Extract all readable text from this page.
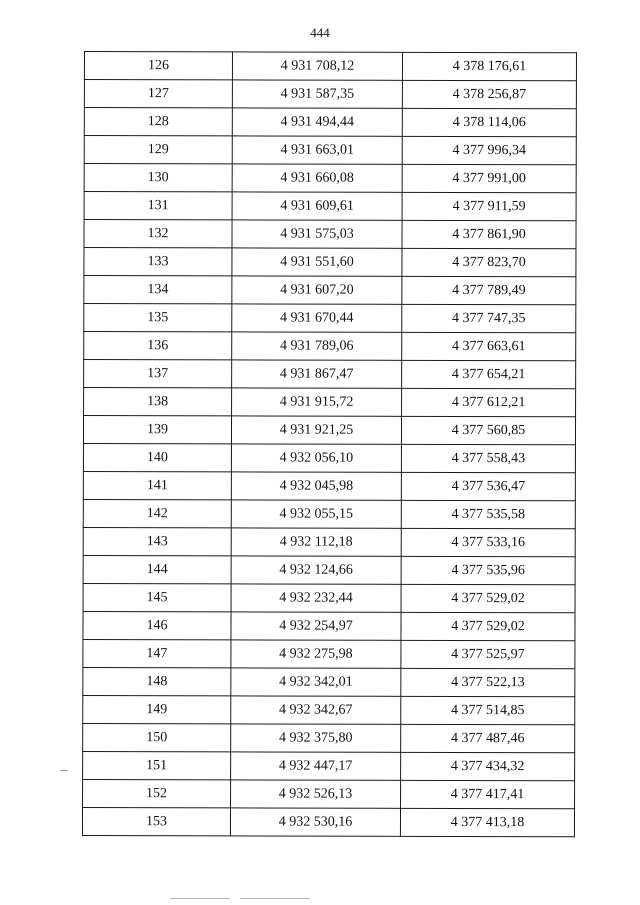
444
126	4 931 708,12	4 378 176,61
127	4 931 587,35	4 378 256,87
128	4 931 494,44	4 378 114,06
129	4 931 663,01	4 377 996,34
130	4 931 660,08	4 377 991,00
131	4 931 609,61	4 377 911,59
132	4 931 575,03	4 377 861,90
133	4 931 551,60	4 377 823,70
134	4 931 607,20	4 377 789,49
135	4 931 670,44	4 377 747,35
136	4 931 789,06	4 377 663,61
137	4 931 867,47	4 377 654,21
138	4 931 915,72	4 377 612,21
139	4 931 921,25	4 377 560,85
140	4 932 056,10	4 377 558,43
141	4 932 045,98	4 377 536,47
142	4 932 055,15	4 377 535,58
143	4 932 112,18	4 377 533,16
144	4 932 124,66	4 377 535,96
145	4 932 232,44	4 377 529,02
146	4 932 254,97	4 377 529,02
147	4 932 275,98	4 377 525,97
148	4 932 342,01	4 377 522,13
149	4 932 342,67	4 377 514,85
150	4 932 375,80	4 377 487,46
151	4 932 447,17	4 377 434,32
152	4 932 526,13	4 377 417,41
153	4 932 530,16	4 377 413,18
